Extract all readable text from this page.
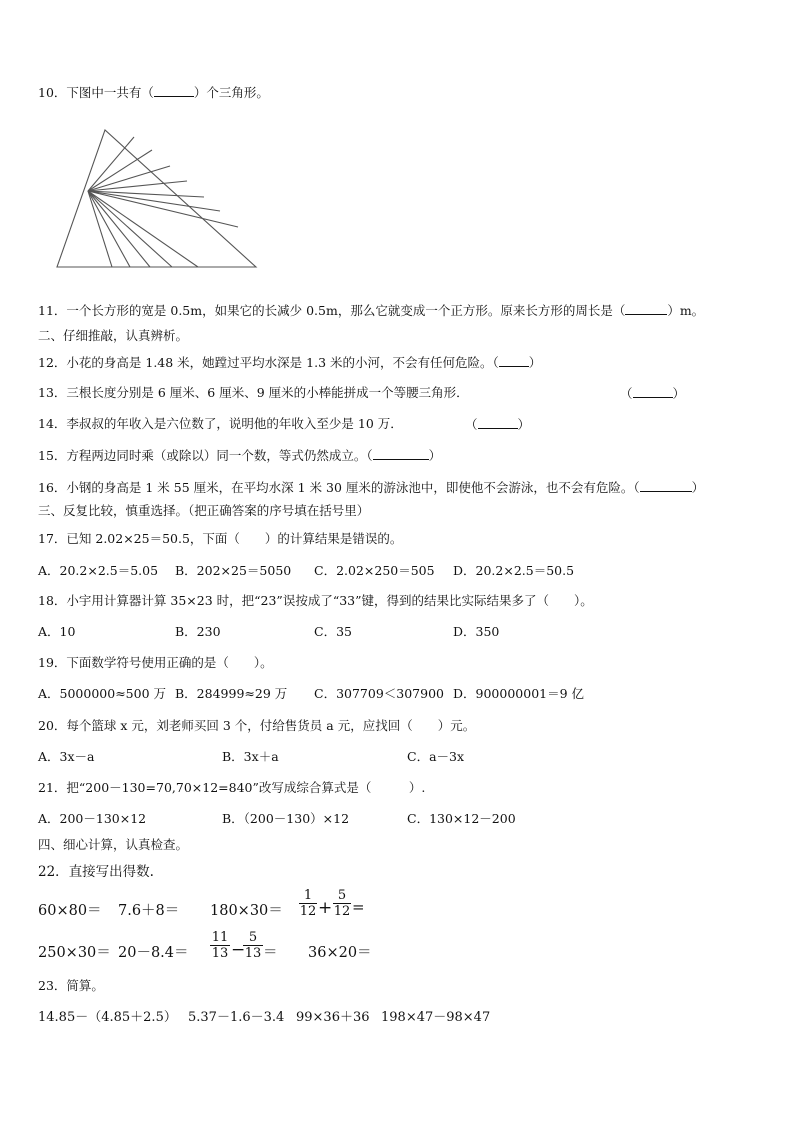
10．下图中一共有（	）个三角形。
11．一个长方形的宽是 0.5m，如果它的长减少 0.5m，那么它就变成一个正方形。原来长方形的周长是（	）m。
二、仔细推敲，认真辨析。
12．小花的身高是 1.48 米，她蹚过平均水深是 1.3 米的小河，不会有任何危险。（ ）
13．三根长度分别是 6 厘米、6 厘米、9 厘米的小棒能拼成一个等腰三角形．	（	）
14．李叔叔的年收入是六位数了，说明他的年收入至少是 10 万．	（	）
15．方程两边同时乘（或除以）同一个数，等式仍然成立。（	）
16．小钢的身高是 1 米 55 厘米，在平均水深 1 米 30 厘米的游泳池中，即使他不会游泳，也不会有危险。（	）
三、反复比较，慎重选择。（把正确答案的序号填在括号里）
17．已知 2.02×25＝50.5，下面（　　）的计算结果是错误的。
A．20.2×2.5＝5.05 B．202×25＝5050 C．2.02×250＝505 D．20.2×2.5＝50.5
18．小宇用计算器计算 35×23 时，把“23”误按成了“33”键，得到的结果比实际结果多了（　　）。
A．10	B．230	C．35	D．350
19．下面数学符号使用正确的是（　　）。
A．5000000≈500 万 B．284999≈29 万 C．307709＜307900 D．900000001＝9 亿
20．每个篮球 x 元，刘老师买回 3 个，付给售货员 a 元，应找回（　　）元。
A．3x－a	B．3x＋a	C．a－3x
21．把“200－130=70,70×12=840”改写成综合算式是（　　　）.
A．200－130×12	B．（200－130）×12	C．130×12－200
四、细心计算，认真检查。
22．直接写出得数.
60×80＝ 7.6＋8＝ 180×30＝
1
12 +
5
12 =
250×30＝ 20－8.4＝
11
13 −
5
13 ＝ 36×20＝
23．简算。
14.85－（4.85＋2.5） 5.37－1.6－3.4 99×36＋36 198×47－98×47
